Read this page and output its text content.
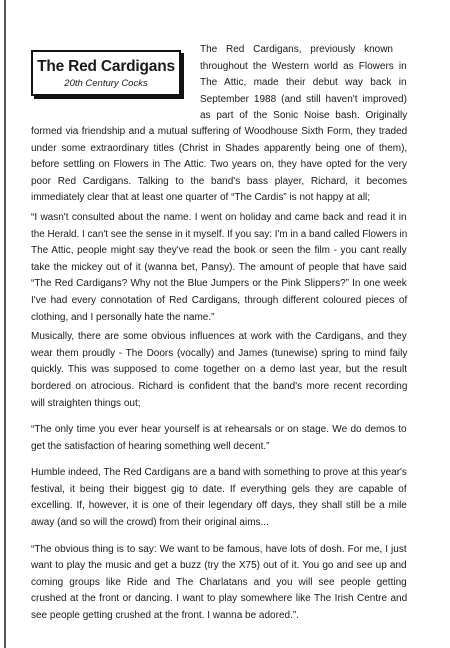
The Red Cardigans
20th Century Cocks
The Red Cardigans, previously known
throughout the Western world as Flowers in
The Attic, made their debut way back in
September 1988 (and still haven't improved)
as part of the Sonic Noise bash. Originally
formed via friendship and a mutual suffering of Woodhouse Sixth Form, they traded
under some extraordinary titles (Christ in Shades apparently being one of them),
before settling on Flowers in The Attic. Two years on, they have opted for the very
poor Red Cardigans. Talking to the band's bass player, Richard, it becomes
immediately clear that at least one quarter of “The Cardis” is not happy at all;
“I wasn't consulted about the name. I went on holiday and came back and read it in
the Herald. I can't see the sense in it myself. If you say: I'm in a band called Flowers in
The Attic, people might say they've read the book or seen the film - you cant really
take the mickey out of it (wanna bet, Pansy). The amount of people that have said
“The Red Cardigans? Why not the Blue Jumpers or the Pink Slippers?” In one week
I've had every connotation of Red Cardigans, through different coloured pieces of
clothing, and I personally hate the name.”
Musically, there are some obvious influences at work with the Cardigans, and they
wear them proudly - The Doors (vocally) and James (tunewise) spring to mind faily
quickly. This was supposed to come together on a demo last year, but the result
bordered on atrocious. Richard is confident that the band's more recent recording
will straighten things out;
“The only time you ever hear yourself is at rehearsals or on stage. We do demos to
get the satisfaction of hearing something well decent.”
Humble indeed, The Red Cardigans are a band with something to prove at this year's
festival, it being their biggest gig to date. If everything gels they are capable of
excelling. If, however, it is one of their legendary off days, they shall still be a mile
away (and so will the crowd) from their original aims...
“The obvious thing is to say: We want to be famous, have lots of dosh. For me, I just
want to play the music and get a buzz (try the X75) out of it. You go and see up and
coming groups like Ride and The Charlatans and you will see people getting
crushed at the front or dancing. I want to play somewhere like The Irish Centre and
see people getting crushed at the front. I wanna be adored.”.
